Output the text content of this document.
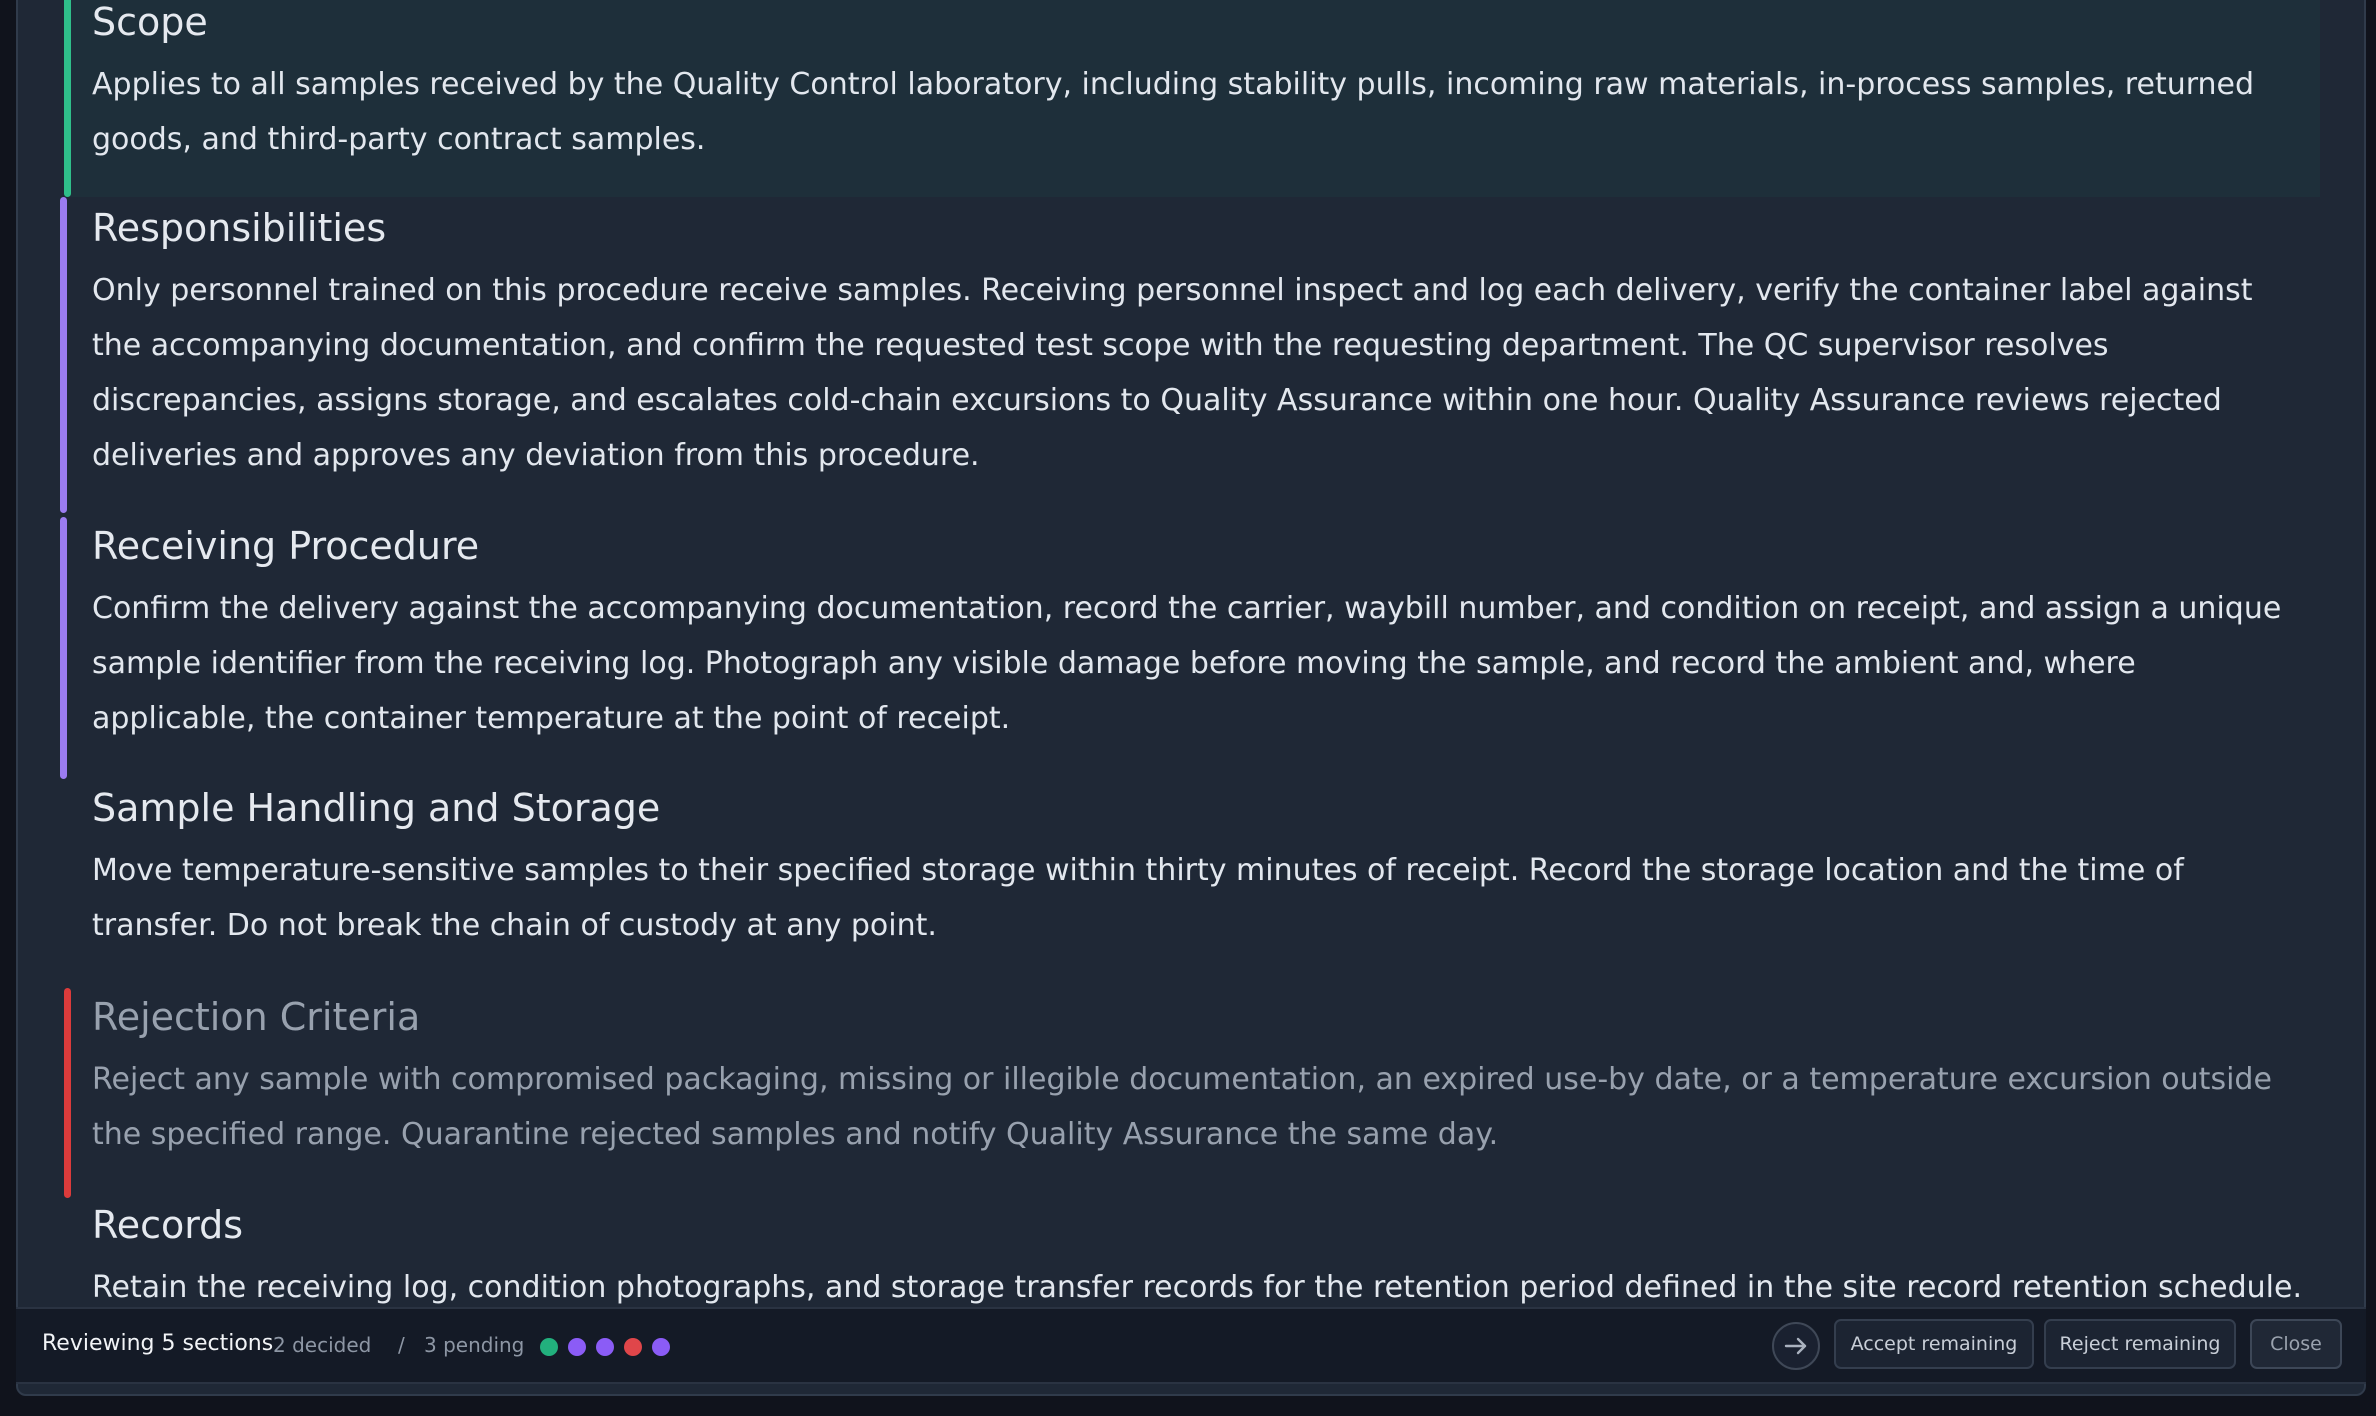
Scope

Applies to all samples received by the Quality Control laboratory, including stability pulls, incoming raw materials, in-process samples, returned goods, and third-party contract samples.

Responsibilities

Only personnel trained on this procedure receive samples. Receiving personnel inspect and log each delivery, verify the container label against the accompanying documentation, and confirm the requested test scope with the requesting department. The QC supervisor resolves discrepancies, assigns storage, and escalates cold-chain excursions to Quality Assurance within one hour. Quality Assurance reviews rejected deliveries and approves any deviation from this procedure.

Receiving Procedure

Confirm the delivery against the accompanying documentation, record the carrier, waybill number, and condition on receipt, and assign a unique sample identifier from the receiving log. Photograph any visible damage before moving the sample, and record the ambient and, where applicable, the container temperature at the point of receipt.

Sample Handling and Storage

Move temperature-sensitive samples to their specified storage within thirty minutes of receipt. Record the storage location and the time of transfer. Do not break the chain of custody at any point.

Rejection Criteria

Reject any sample with compromised packaging, missing or illegible documentation, an expired use-by date, or a temperature excursion outside the specified range. Quarantine rejected samples and notify Quality Assurance the same day.

Records

Retain the receiving log, condition photographs, and storage transfer records for the retention period defined in the site record retention schedule.

Reviewing 5 sections 2 decided / 3 pending	Accept remaining	Reject remaining	Close
